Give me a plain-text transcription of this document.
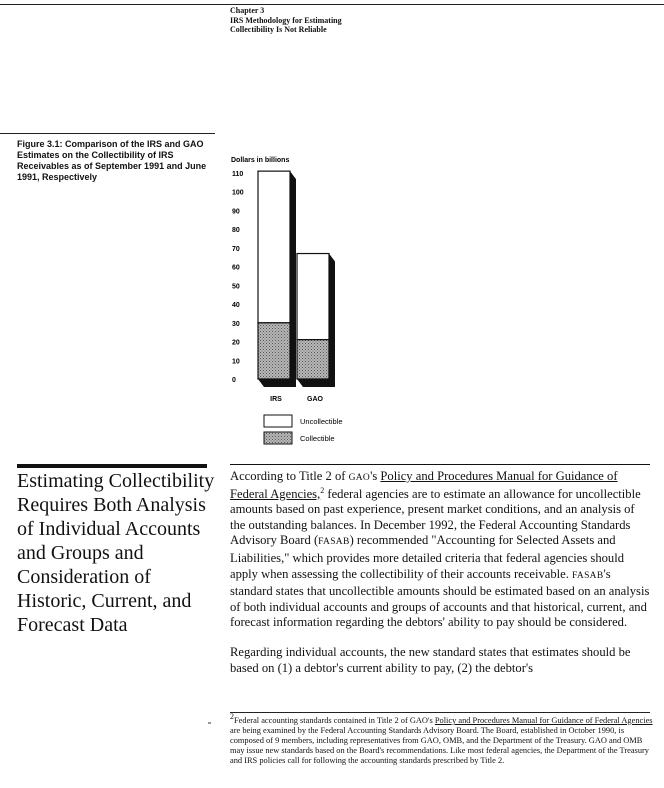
Chapter 3
IRS Methodology for Estimating
Collectibility Is Not Reliable
Figure 3.1: Comparison of the IRS and GAO Estimates on the Collectibility of IRS Receivables as of September 1991 and June 1991, Respectively
Dollars in billions
0
10
20
30
40
50
60
70
80
90
100
110
IRS	GAO
Uncollectible
Collectible
Estimating Collectibility Requires Both Analysis of Individual Accounts and Groups and Consideration of Historic, Current, and Forecast Data

According to Title 2 of GAO's Policy and Procedures Manual for Guidance of Federal Agencies,$^2$ federal agencies are to estimate an allowance for uncollectible amounts based on past experience, present market conditions, and an analysis of the outstanding balances. In December 1992, the Federal Accounting Standards Advisory Board (FASAB) recommended "Accounting for Selected Assets and Liabilities," which provides more detailed criteria that federal agencies should apply when assessing the collectibility of their accounts receivable. FASAB's standard states that uncollectible amounts should be estimated based on an analysis of both individual accounts and groups of accounts and that historical, current, and forecast information regarding the debtors' ability to pay should be considered.

Regarding individual accounts, the new standard states that estimates should be based on (1) a debtor's current ability to pay, (2) the debtor's

$^2$Federal accounting standards contained in Title 2 of GAO's Policy and Procedures Manual for Guidance of Federal Agencies are being examined by the Federal Accounting Standards Advisory Board. The Board, established in October 1990, is composed of 9 members, including representatives from GAO, OMB, and the Department of the Treasury. GAO and OMB may issue new standards based on the Board's recommendations. Like most federal agencies, the Department of the Treasury and IRS policies call for following the accounting standards prescribed by Title 2.
